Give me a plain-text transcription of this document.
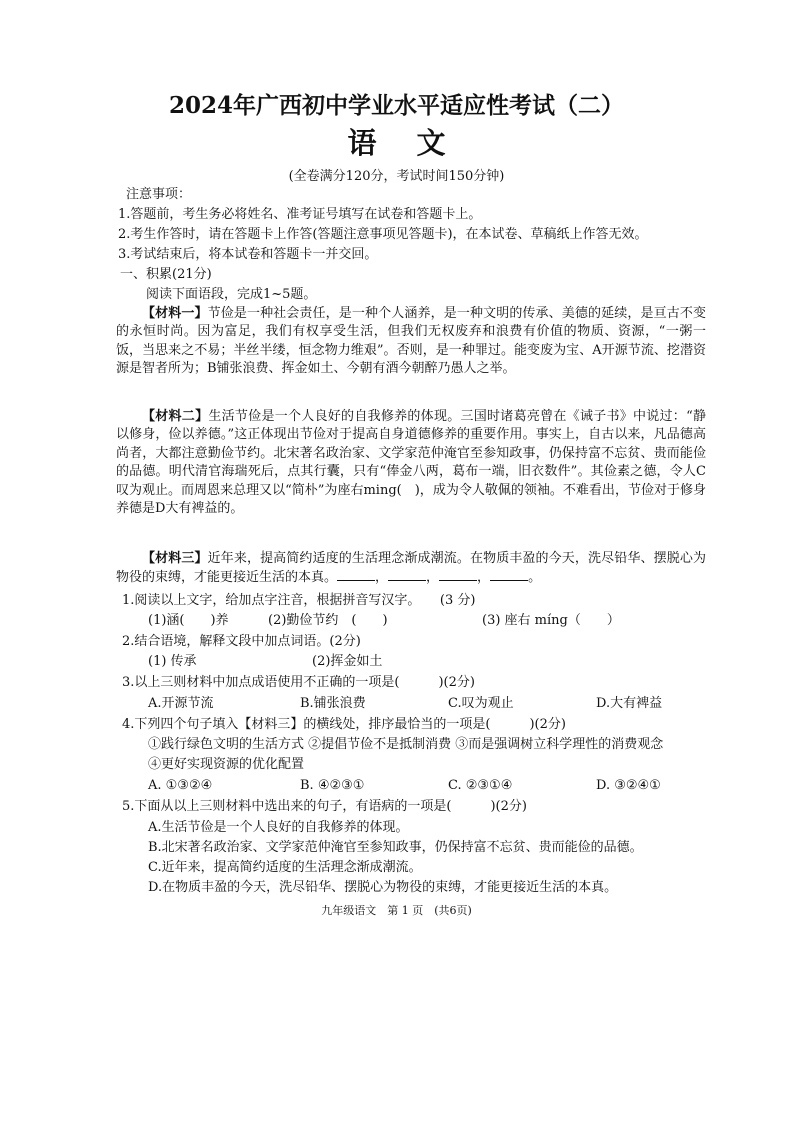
2024年广西初中学业水平适应性考试（二）
语文
(全卷满分120分，考试时间150分钟)
注意事项：
1.答题前，考生务必将姓名、准考证号填写在试卷和答题卡上。
2.考生作答时，请在答题卡上作答(答题注意事项见答题卡)，在本试卷、草稿纸上作答无效。
3.考试结束后，将本试卷和答题卡一并交回。
一、积累(21分)
阅读下面语段，完成1~5题。
【材料一】节俭是一种社会责任，是一种个人涵养，是一种文明的传承、美德的延续，是亘古不变的永恒时尚。因为富足，我们有权享受生活，但我们无权废弃和浪费有价值的物质、资源，“一粥一饭，当思来之不易；半丝半缕，恒念物力维艰”。否则，是一种罪过。能变废为宝、A开源节流、挖潜资源是智者所为；B铺张浪费、挥金如土、今朝有酒今朝醉乃愚人之举。
【材料二】生活节俭是一个人良好的自我修养的体现。三国时诸葛亮曾在《诫子书》中说过：“静以修身，俭以养德。”这正体现出节俭对于提高自身道德修养的重要作用。事实上，自古以来，凡品德高尚者，大都注意勤俭节约。北宋著名政治家、文学家范仲淹官至参知政事，仍保持富不忘贫、贵而能俭的品德。明代清官海瑞死后，点其行囊，只有“俸金八两，葛布一端，旧衣数件”。其俭素之德，令人C叹为观止。而周恩来总理又以“简朴”为座右ming(　)，成为令人敬佩的领袖。不难看出，节俭对于修身养德是D大有裨益的。
【材料三】近年来，提高简约适度的生活理念渐成潮流。在物质丰盈的今天，洗尽铅华、摆脱心为物役的束缚，才能更接近生活的本真。	，	，	，	。
1.阅读以上文字，给加点字注音，根据拼音写汉字。　　(3 分)
(1)涵(　　)养	(2)勤俭节约　(　　)	(3) 座右 míng（　　）
2.结合语境，解释文段中加点词语。(2分)
(1) 传承	(2)挥金如土
3.以上三则材料中加点成语使用不正确的一项是(　　　)(2分)
A.开源节流	B.铺张浪费	C.叹为观止	D.大有裨益
4.下列四个句子填入【材料三】的横线处，排序最恰当的一项是(　　　)(2分)
①践行绿色文明的生活方式 ②提倡节俭不是抵制消费 ③而是强调树立科学理性的消费观念
④更好实现资源的优化配置
A. ①③②④	B. ④②③①	C. ②③①④	D. ③②④①
5.下面从以上三则材料中选出来的句子，有语病的一项是(　　　)(2分)
A.生活节俭是一个人良好的自我修养的体现。
B.北宋著名政治家、文学家范仲淹官至参知政事，仍保持富不忘贫、贵而能俭的品德。
C.近年来，提高简约适度的生活理念渐成潮流。
D.在物质丰盈的今天，洗尽铅华、摆脱心为物役的束缚，才能更接近生活的本真。
九年级语文　第 1 页　(共6页)
